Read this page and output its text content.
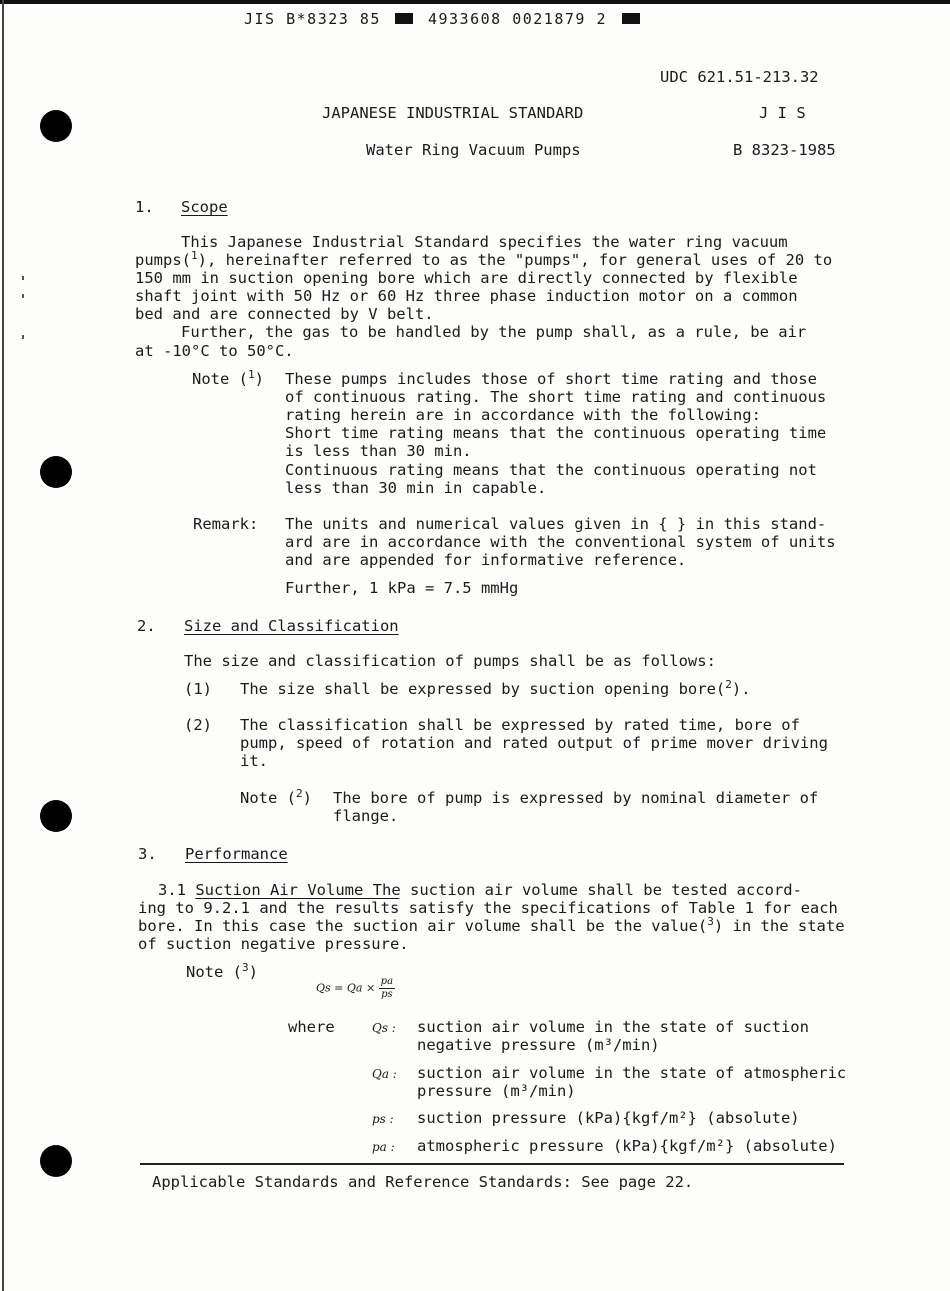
JIS B*8323 85	4933608 0021879 2
UDC 621.51-213.32
JAPANESE INDUSTRIAL STANDARD	J I S
Water Ring Vacuum Pumps	B 8323-1985
1. Scope
This Japanese Industrial Standard specifies the water ring vacuum
pumps($^1$), hereinafter referred to as the "pumps", for general uses of 20 to
150 mm in suction opening bore which are directly connected by flexible
shaft joint with 50 Hz or 60 Hz three phase induction motor on a common
bed and are connected by V belt.
Further, the gas to be handled by the pump shall, as a rule, be air
at -10°C to 50°C.
Note ($^1$) These pumps includes those of short time rating and those
of continuous rating. The short time rating and continuous
rating herein are in accordance with the following:
Short time rating means that the continuous operating time
is less than 30 min.
Continuous rating means that the continuous operating not
less than 30 min in capable.
Remark: The units and numerical values given in { } in this stand-
ard are in accordance with the conventional system of units
and are appended for informative reference.
Further, 1 kPa = 7.5 mmHg
2. Size and Classification
The size and classification of pumps shall be as follows:
(1) The size shall be expressed by suction opening bore($^2$).
(2) The classification shall be expressed by rated time, bore of
pump, speed of rotation and rated output of prime mover driving
it.
Note ($^2$) The bore of pump is expressed by nominal diameter of
flange.
3. Performance
3.1 Suction Air Volume The suction air volume shall be tested accord-
ing to 9.2.1 and the results satisfy the specifications of Table 1 for each
bore. In this case the suction air volume shall be the value($^3$) in the state
of suction negative pressure.
Note ($^3$)
$Qs = Qa \times \frac{pa}{ps}$
where	Qs : suction air volume in the state of suction
negative pressure (m³/min)
Qa : suction air volume in the state of atmospheric
pressure (m³/min)
ps : suction pressure (kPa){kgf/m²} (absolute)
pa : atmospheric pressure (kPa){kgf/m²} (absolute)
Applicable Standards and Reference Standards: See page 22.
